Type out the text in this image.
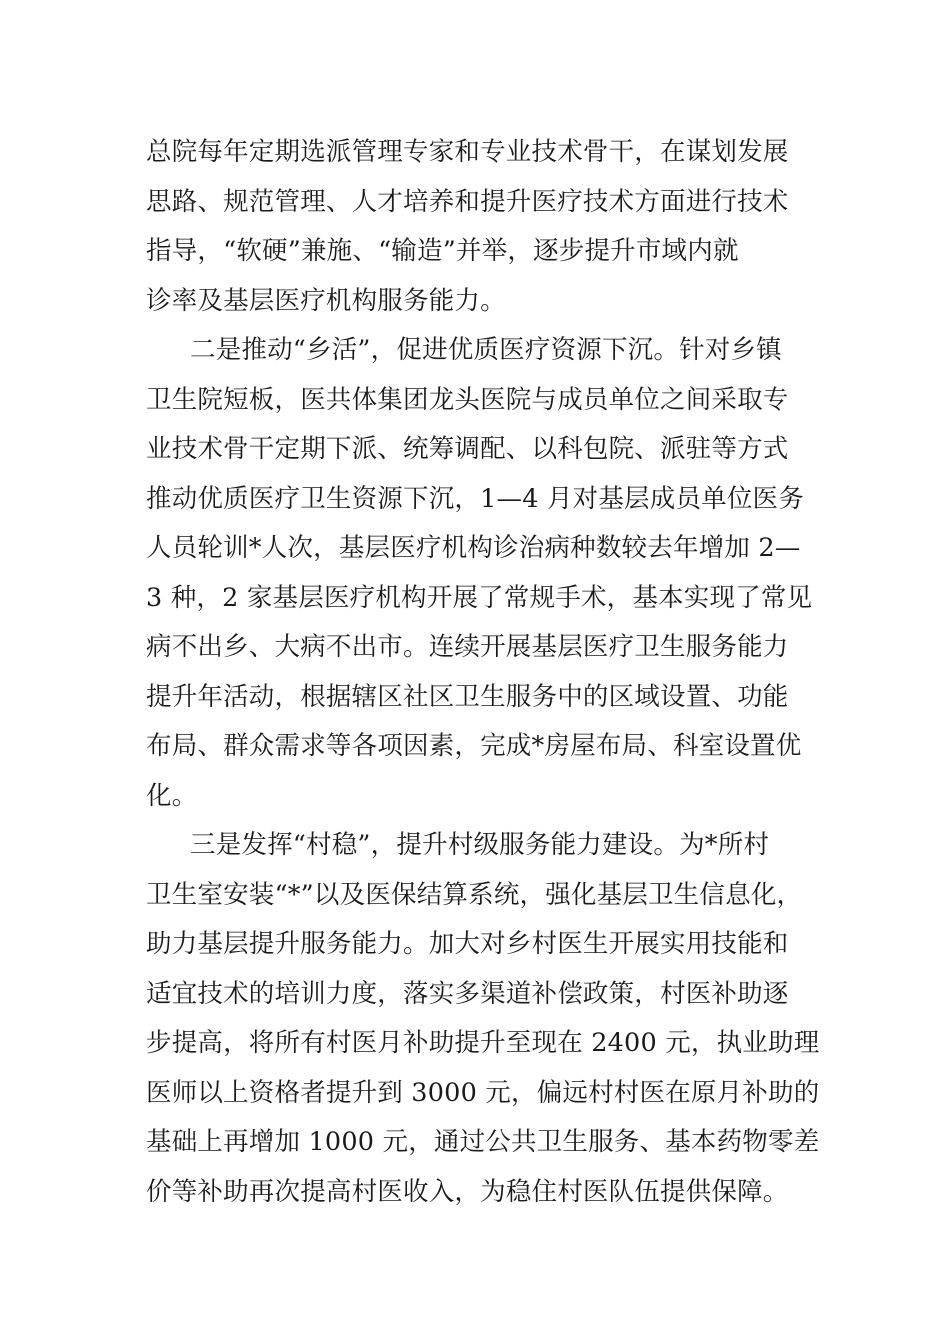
总院每年定期选派管理专家和专业技术骨干，在谋划发展
思路、规范管理、人才培养和提升医疗技术方面进行技术
指导，“软硬”兼施、“输造”并举，逐步提升市域内就
诊率及基层医疗机构服务能力。
二是推动“乡活”，促进优质医疗资源下沉。针对乡镇
卫生院短板，医共体集团龙头医院与成员单位之间采取专
业技术骨干定期下派、统筹调配、以科包院、派驻等方式
推动优质医疗卫生资源下沉，1—4 月对基层成员单位医务
人员轮训*人次，基层医疗机构诊治病种数较去年增加 2—
3 种，2 家基层医疗机构开展了常规手术，基本实现了常见
病不出乡、大病不出市。连续开展基层医疗卫生服务能力
提升年活动，根据辖区社区卫生服务中的区域设置、功能
布局、群众需求等各项因素，完成*房屋布局、科室设置优
化。
三是发挥“村稳”，提升村级服务能力建设。为*所村
卫生室安装“*”以及医保结算系统，强化基层卫生信息化，
助力基层提升服务能力。加大对乡村医生开展实用技能和
适宜技术的培训力度，落实多渠道补偿政策，村医补助逐
步提高，将所有村医月补助提升至现在 2400 元，执业助理
医师以上资格者提升到 3000 元，偏远村村医在原月补助的
基础上再增加 1000 元，通过公共卫生服务、基本药物零差
价等补助再次提高村医收入，为稳住村医队伍提供保障。
